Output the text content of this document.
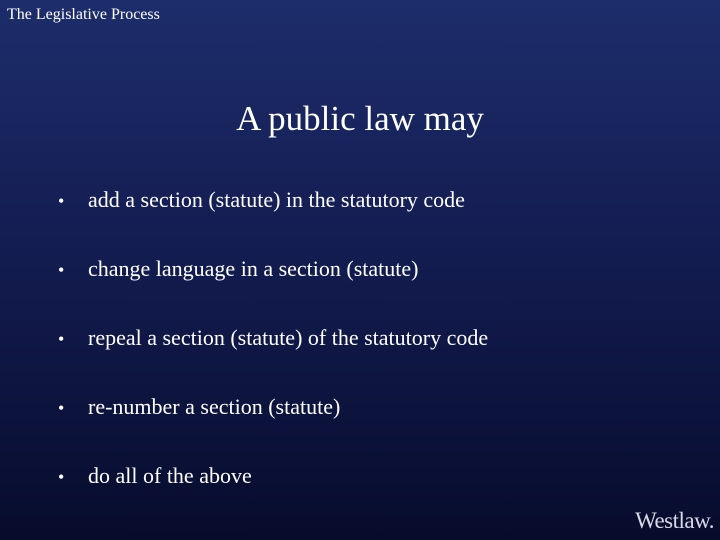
The Legislative Process
A public law may
•	add a section (statute) in the statutory code
•	change language in a section (statute)
•	repeal a section (statute) of the statutory code
•	re-number a section (statute)
•	do all of the above
Westlaw.
